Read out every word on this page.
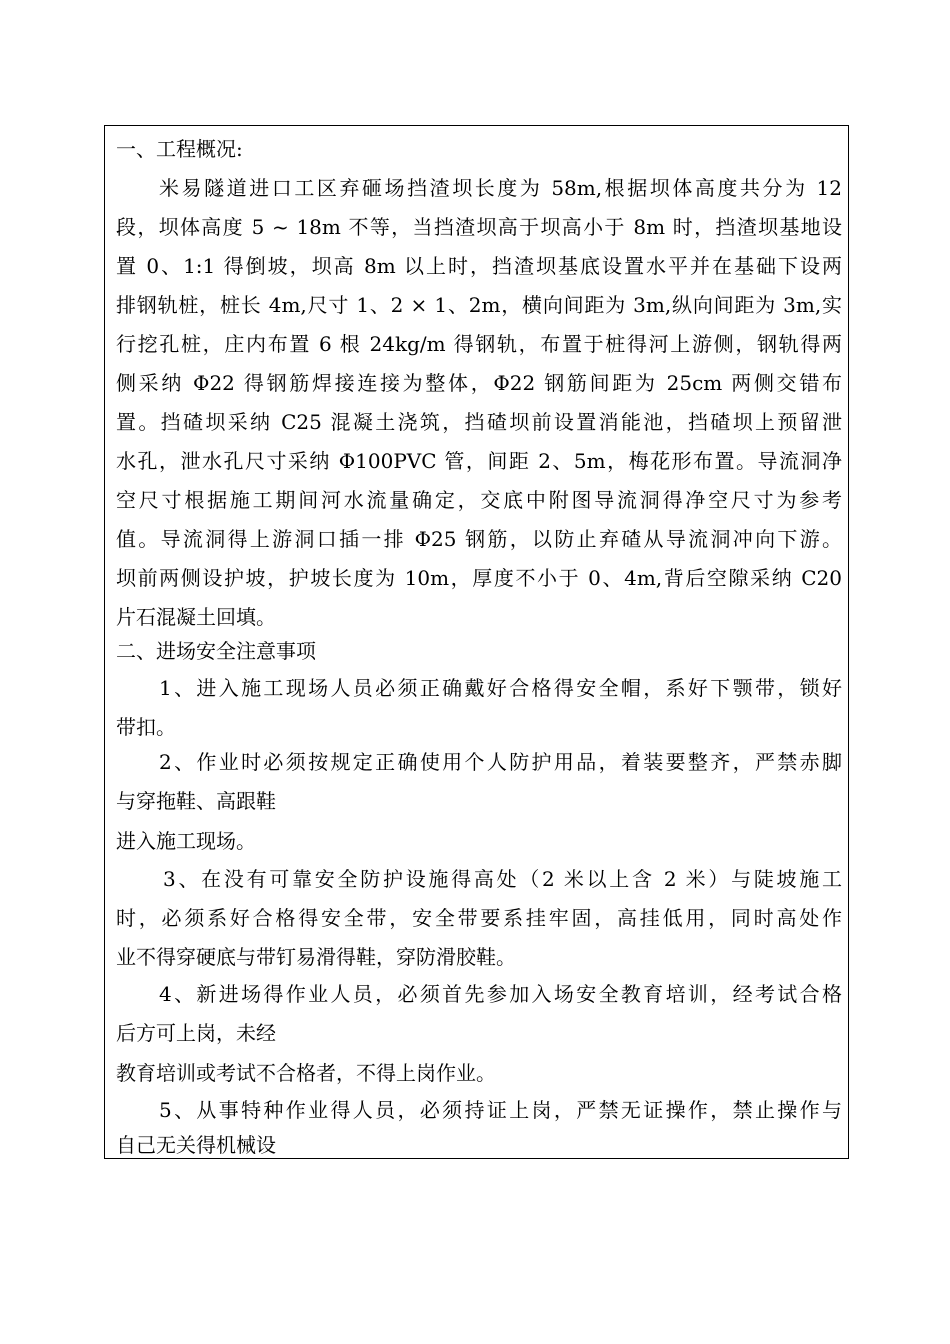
一、工程概况:
米易隧道进口工区弃砸场挡渣坝长度为 58m,根据坝体高度共分为 12
段，坝体高度 5 ~ 18m 不等，当挡渣坝高于坝高小于 8m 时，挡渣坝基地设
置 0、1:1 得倒坡，坝高 8m 以上时，挡渣坝基底设置水平并在基础下设两
排钢轨桩，桩长 4m,尺寸 1、2 × 1、2m，横向间距为 3m,纵向间距为 3m,实
行挖孔桩，庄内布置 6 根 24kg/m 得钢轨，布置于桩得河上游侧，钢轨得两
侧采纳 Φ22 得钢筋焊接连接为整体，Φ22 钢筋间距为 25cm 两侧交错布
置。挡碴坝采纳 C25 混凝土浇筑，挡碴坝前设置消能池，挡碴坝上预留泄
水孔，泄水孔尺寸采纳 Φ100PVC 管，间距 2、5m，梅花形布置。导流洞净
空尺寸根据施工期间河水流量确定，交底中附图导流洞得净空尺寸为参考
值。导流洞得上游洞口插一排 Φ25 钢筋，以防止弃碴从导流洞冲向下游。
坝前两侧设护坡，护坡长度为 10m，厚度不小于 0、4m,背后空隙采纳 C20
片石混凝土回填。
二、进场安全注意事项
1、进入施工现场人员必须正确戴好合格得安全帽，系好下颚带，锁好
带扣。
2、作业时必须按规定正确使用个人防护用品，着装要整齐，严禁赤脚
与穿拖鞋、高跟鞋
进入施工现场。
3、在没有可靠安全防护设施得高处（2 米以上含 2 米）与陡坡施工
时，必须系好合格得安全带，安全带要系挂牢固，高挂低用，同时高处作
业不得穿硬底与带钉易滑得鞋，穿防滑胶鞋。
4、新进场得作业人员，必须首先参加入场安全教育培训，经考试合格
后方可上岗，未经
教育培训或考试不合格者，不得上岗作业。
5、从事特种作业得人员，必须持证上岗，严禁无证操作，禁止操作与
自己无关得机械设
